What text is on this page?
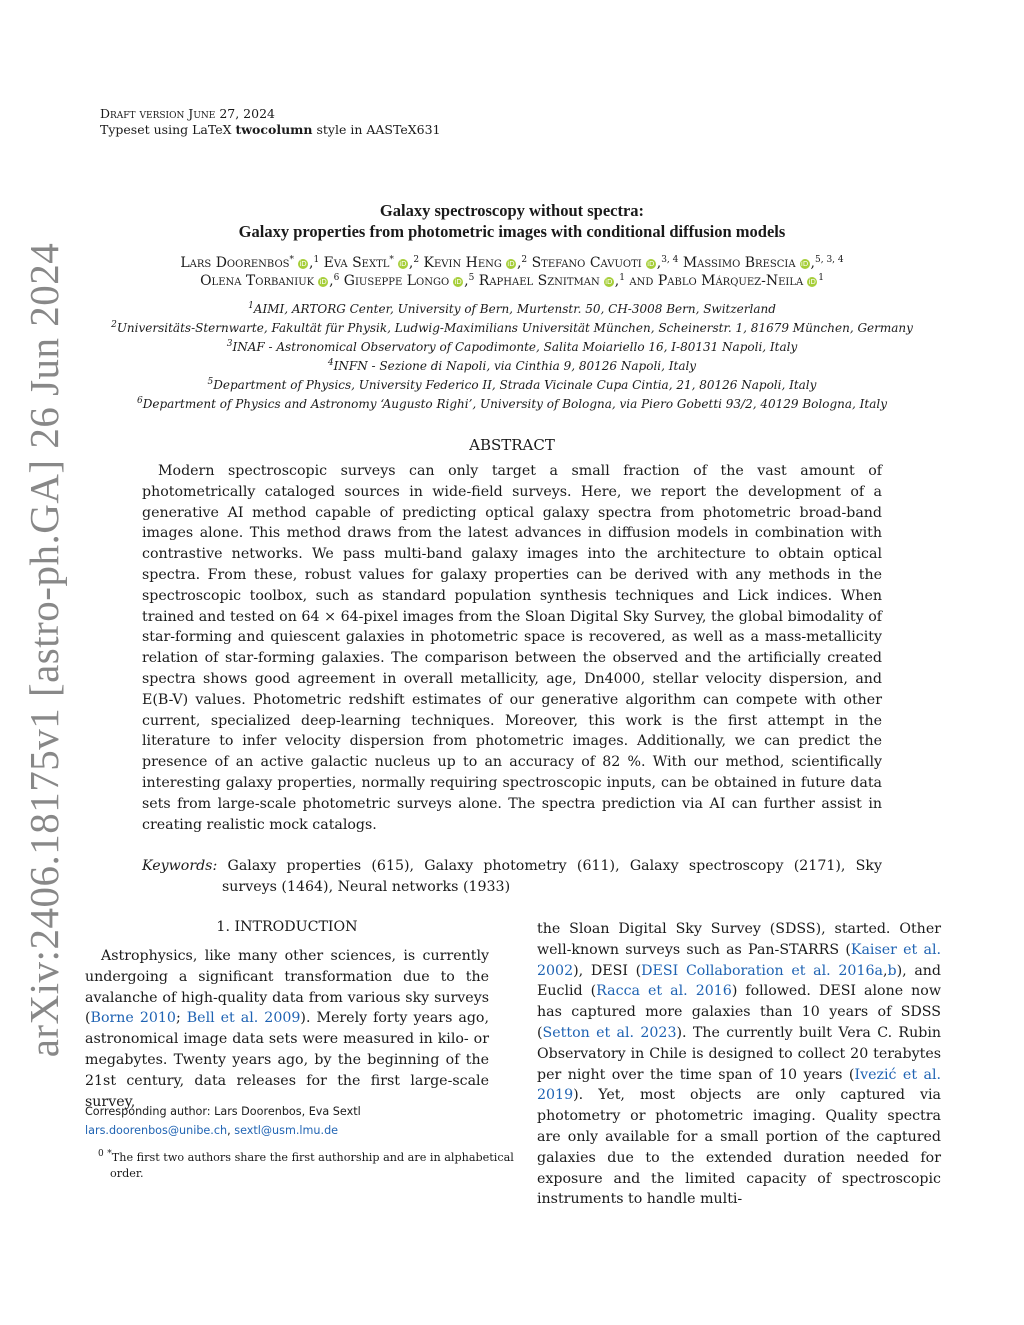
arXiv:2406.18175v1 [astro-ph.GA] 26 Jun 2024
Draft version June 27, 2024
Typeset using LaTeX twocolumn style in AASTeX631
Galaxy spectroscopy without spectra:
Galaxy properties from photometric images with conditional diffusion models
Lars Doorenbos* iD ,$^1$ Eva Sextl* iD ,$^2$ Kevin Heng iD ,$^2$ Stefano Cavuoti iD ,$^{3, 4}$ Massimo Brescia iD ,$^{5, 3, 4}$
Olena Torbaniuk iD ,$^6$ Giuseppe Longo iD ,$^5$ Raphael Sznitman iD ,$^1$ and Pablo Márquez-Neila iD $^1$
$^1$AIMI, ARTORG Center, University of Bern, Murtenstr. 50, CH-3008 Bern, Switzerland
$^2$Universitäts-Sternwarte, Fakultät für Physik, Ludwig-Maximilians Universität München, Scheinerstr. 1, 81679 München, Germany
$^3$INAF - Astronomical Observatory of Capodimonte, Salita Moiariello 16, I-80131 Napoli, Italy
$^4$INFN - Sezione di Napoli, via Cinthia 9, 80126 Napoli, Italy
$^5$Department of Physics, University Federico II, Strada Vicinale Cupa Cintia, 21, 80126 Napoli, Italy
$^6$Department of Physics and Astronomy ‘Augusto Righi’, University of Bologna, via Piero Gobetti 93/2, 40129 Bologna, Italy
ABSTRACT

Modern spectroscopic surveys can only target a small fraction of the vast amount of photometrically cataloged sources in wide-field surveys. Here, we report the development of a generative AI method capable of predicting optical galaxy spectra from photometric broad-band images alone. This method draws from the latest advances in diffusion models in combination with contrastive networks. We pass multi-band galaxy images into the architecture to obtain optical spectra. From these, robust values for galaxy properties can be derived with any methods in the spectroscopic toolbox, such as standard population synthesis techniques and Lick indices. When trained and tested on 64 × 64-pixel images from the Sloan Digital Sky Survey, the global bimodality of star-forming and quiescent galaxies in photometric space is recovered, as well as a mass-metallicity relation of star-forming galaxies. The comparison between the observed and the artificially created spectra shows good agreement in overall metallicity, age, Dn4000, stellar velocity dispersion, and E(B-V) values. Photometric redshift estimates of our generative algorithm can compete with other current, specialized deep-learning techniques. Moreover, this work is the first attempt in the literature to infer velocity dispersion from photometric images. Additionally, we can predict the presence of an active galactic nucleus up to an accuracy of 82 %. With our method, scientifically interesting galaxy properties, normally requiring spectroscopic inputs, can be obtained in future data sets from large-scale photometric surveys alone. The spectra prediction via AI can further assist in creating realistic mock catalogs.

Keywords: Galaxy properties (615), Galaxy photometry (611), Galaxy spectroscopy (2171), Sky surveys (1464), Neural networks (1933)

1. INTRODUCTION

Astrophysics, like many other sciences, is currently undergoing a significant transformation due to the avalanche of high-quality data from various sky surveys (Borne 2010; Bell et al. 2009). Merely forty years ago, astronomical image data sets were measured in kilo- or megabytes. Twenty years ago, by the beginning of the 21st century, data releases for the first large-scale survey,

the Sloan Digital Sky Survey (SDSS), started. Other well-known surveys such as Pan-STARRS (Kaiser et al. 2002), DESI (DESI Collaboration et al. 2016a,b), and Euclid (Racca et al. 2016) followed. DESI alone now has captured more galaxies than 10 years of SDSS (Setton et al. 2023). The currently built Vera C. Rubin Observatory in Chile is designed to collect 20 terabytes per night over the time span of 10 years (Ivezić et al. 2019). Yet, most objects are only captured via photometry or photometric imaging. Quality spectra are only available for a small portion of the captured galaxies due to the extended duration needed for exposure and the limited capacity of spectroscopic instruments to handle multi-

Corresponding author: Lars Doorenbos, Eva Sextl
lars.doorenbos@unibe.ch, sextl@usm.lmu.de

$^0$ *The first two authors share the first authorship and are in alphabetical order.
